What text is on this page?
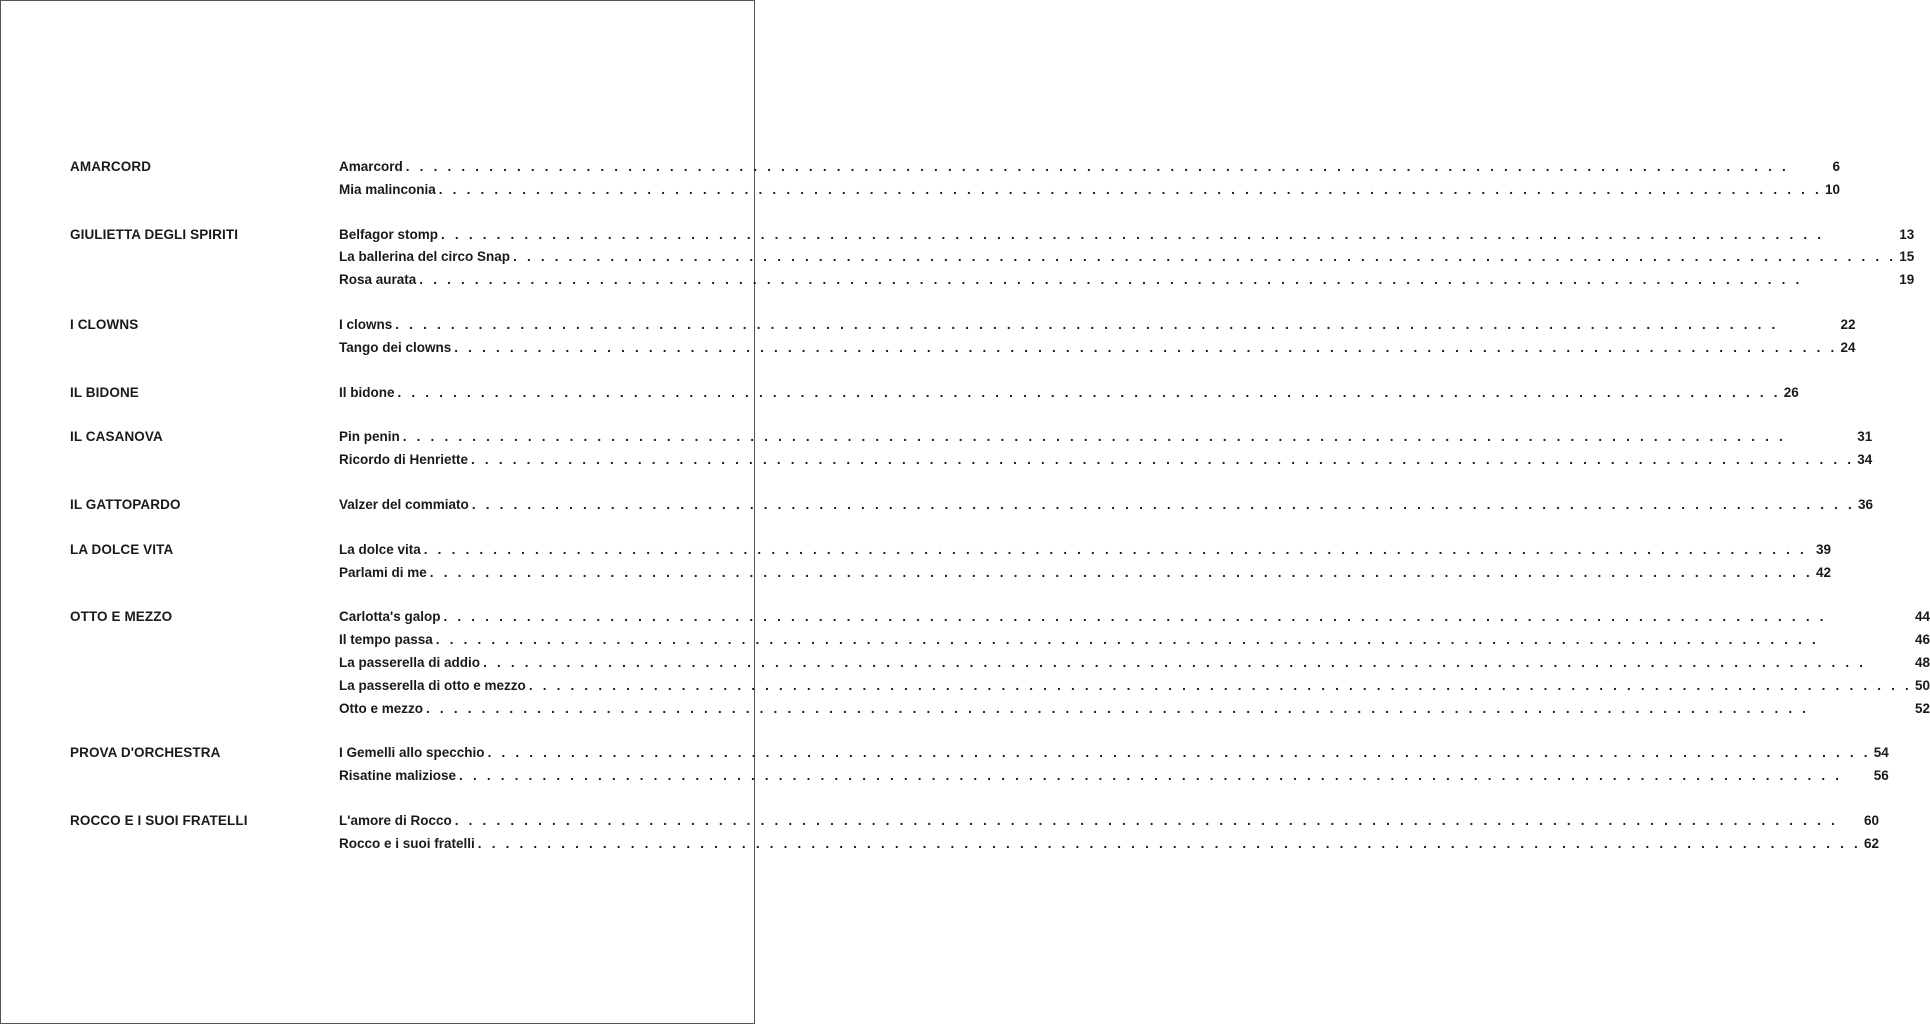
AMARCORD	Amarcord . . .	6
Mia malinconia . . .	10
GIULIETTA DEGLI SPIRITI	Belfagor stomp . . .	13
La ballerina del circo Snap . . .	15
Rosa aurata . . .	19
I CLOWNS	I clowns . . .	22
Tango dei clowns . . .	24
IL BIDONE	Il bidone . . .	26
IL CASANOVA	Pin penin . . .	31
Ricordo di Henriette . . .	34
IL GATTOPARDO	Valzer del commiato . . .	36
LA DOLCE VITA	La dolce vita . . .	39
Parlami di me . . .	42
OTTO E MEZZO	Carlotta's galop . . .	44
Il tempo passa . . .	46
La passerella di addio . . .	48
La passerella di otto e mezzo . . .	50
Otto e mezzo . . .	52
PROVA D'ORCHESTRA	I Gemelli allo specchio . . .	54
Risatine maliziose . . .	56
ROCCO E I SUOI FRATELLI	L'amore di Rocco . . .	60
Rocco e i suoi fratelli . . .	62
